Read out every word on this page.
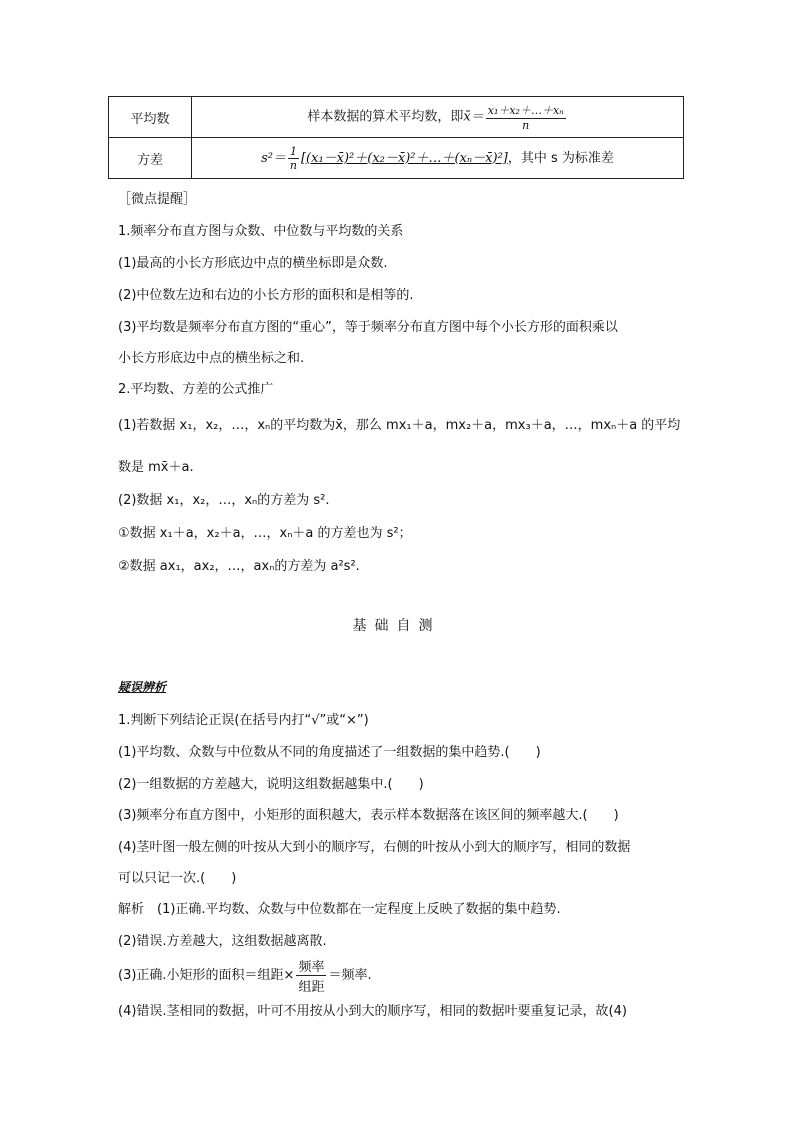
平均数	样本数据的算术平均数，即x̄＝ $\frac{\text{x₁＋x₂＋…＋xₙ}}{n}$

方差	$s^2= \frac{1}{n}$ [(x₁－x̄)²＋(x₂－x̄)²＋…＋(xₙ－x̄)²]，其中 s 为标准差
［微点提醒］
1.频率分布直方图与众数、中位数与平均数的关系
(1)最高的小长方形底边中点的横坐标即是众数.
(2)中位数左边和右边的小长方形的面积和是相等的.
(3)平均数是频率分布直方图的“重心”，等于频率分布直方图中每个小长方形的面积乘以
小长方形底边中点的横坐标之和.
2.平均数、方差的公式推广
(1)若数据 x₁，x₂，…，xₙ的平均数为x̄，那么 mx₁＋a，mx₂＋a，mx₃＋a，…，mxₙ＋a 的平均
数是 mx̄＋a.
(2)数据 x₁，x₂，…，xₙ的方差为 s².
①数据 x₁＋a，x₂＋a，…，xₙ＋a 的方差也为 s²；
②数据 ax₁，ax₂，…，axₙ的方差为 a²s².
基础自测
疑误辨析
1.判断下列结论正误(在括号内打“√”或“×”)
(1)平均数、众数与中位数从不同的角度描述了一组数据的集中趋势.(　　)
(2)一组数据的方差越大，说明这组数据越集中.(　　)
(3)频率分布直方图中，小矩形的面积越大，表示样本数据落在该区间的频率越大.(　　)
(4)茎叶图一般左侧的叶按从大到小的顺序写，右侧的叶按从小到大的顺序写，相同的数据
可以只记一次.(　　)
解析　(1)正确.平均数、众数与中位数都在一定程度上反映了数据的集中趋势.
(2)错误.方差越大，这组数据越离散.
(3)正确.小矩形的面积＝组距× $\frac{\text{频率}}{\text{组距}}$ ＝频率.
(4)错误.茎相同的数据，叶可不用按从小到大的顺序写，相同的数据叶要重复记录，故(4)
